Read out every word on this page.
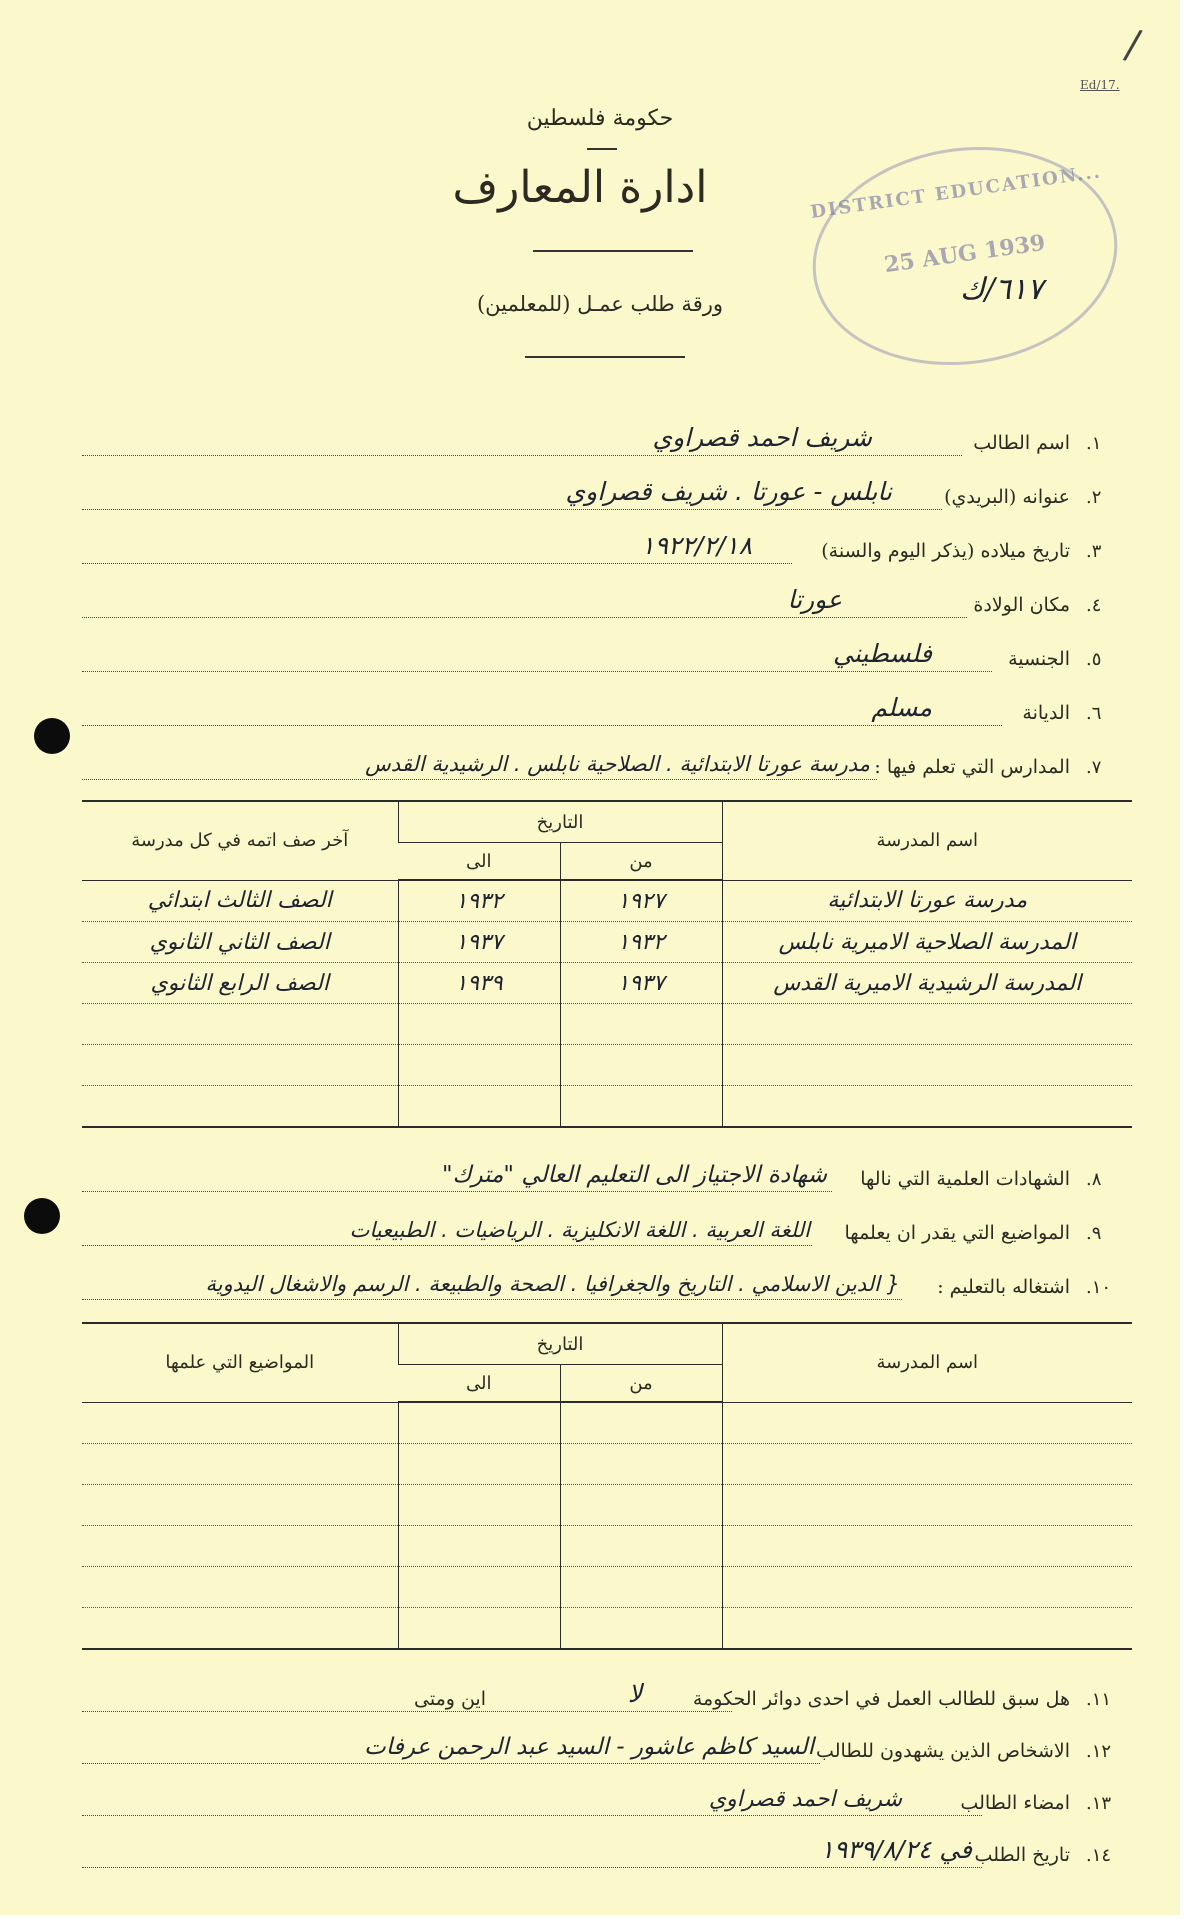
/
Ed/17.
حكومة فلسطين
ادارة المعارف
ورقة طلب عمـل (للمعلمين)
DISTRICT EDUCATION...
25 AUG 1939
٦١٧/ك
١.
اسم الطالب
شريف احمد قصراوي
٢.
عنوانه (البريدي)
نابلس - عورتا . شريف قصراوي
٣.
تاريخ ميلاده (يذكر اليوم والسنة)
١٩٢٢/٢/١٨
٤.
مكان الولادة
عورتا
٥.
الجنسية
فلسطيني
٦.
الديانة
مسلم
٧.
المدارس التي تعلم فيها :
مدرسة عورتا الابتدائية . الصلاحية نابلس . الرشيدية القدس
اسم المدرسة	التاريخ		آخر صف اتمه في كل مدرسة
	من	الى	
مدرسة عورتا الابتدائية	١٩٢٧	١٩٣٢	الصف الثالث ابتدائي
المدرسة الصلاحية الاميرية نابلس	١٩٣٢	١٩٣٧	الصف الثاني الثانوي
المدرسة الرشيدية الاميرية القدس	١٩٣٧	١٩٣٩	الصف الرابع الثانوي

٨.
الشهادات العلمية التي نالها
شهادة الاجتياز الى التعليم العالي "مترك"
٩.
المواضيع التي يقدر ان يعلمها
اللغة العربية . اللغة الانكليزية . الرياضيات . الطبيعيات
١٠.
اشتغاله بالتعليم :
{ الدين الاسلامي . التاريخ والجغرافيا . الصحة والطبيعة . الرسم والاشغال اليدوية
اسم المدرسة	التاريخ		المواضيع التي علمها
	من	الى	

١١.
هل سبق للطالب العمل في احدى دوائر الحكومة
لا
اين ومتى
١٢.
الاشخاص الذين يشهدون للطالب
السيد كاظم عاشور - السيد عبد الرحمن عرفات
١٣.
امضاء الطالب
شريف احمد قصراوي
١٤.
تاريخ الطلب
في ١٩٣٩/٨/٢٤
